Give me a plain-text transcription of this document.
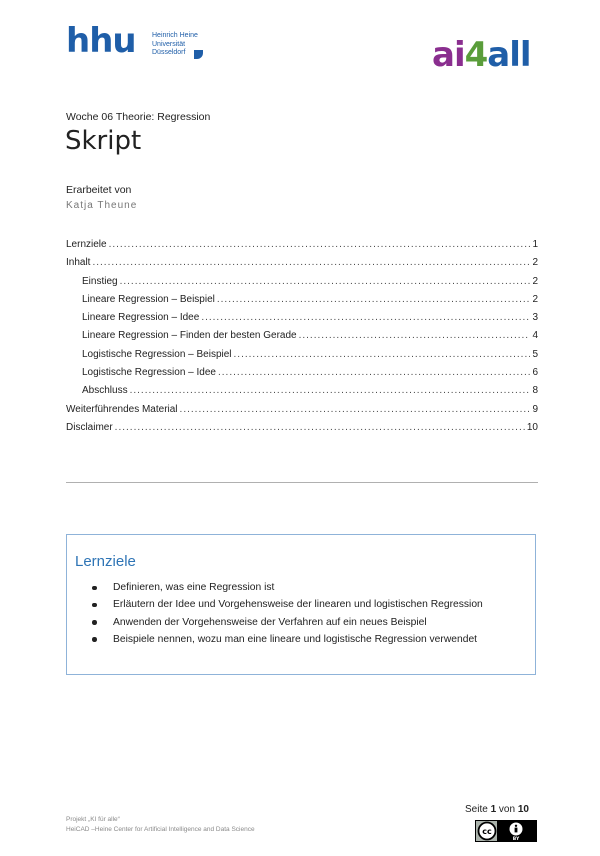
hhu Heinrich Heine
Universität
Düsseldorf	ai4all
Woche 06 Theorie: Regression
Skript
Erarbeitet von
Katja Theune
Lernziele .....	1
Inhalt .....	2
Einstieg .....	2
Lineare Regression – Beispiel .....	2
Lineare Regression – Idee .....	3
Lineare Regression – Finden der besten Gerade .....	4
Logistische Regression – Beispiel .....	5
Logistische Regression – Idee .....	6
Abschluss .....	8
Weiterführendes Material .....	9
Disclaimer .....	10
Lernziele
Definieren, was eine Regression ist
Erläutern der Idee und Vorgehensweise der linearen und logistischen Regression
Anwenden der Vorgehensweise der Verfahren auf ein neues Beispiel
Beispiele nennen, wozu man eine lineare und logistische Regression verwendet
Projekt „KI für alle“
HeiCAD –Heine Center for Artificial Intelligence and Data Science
Seite 1 von 10
cc
BY
